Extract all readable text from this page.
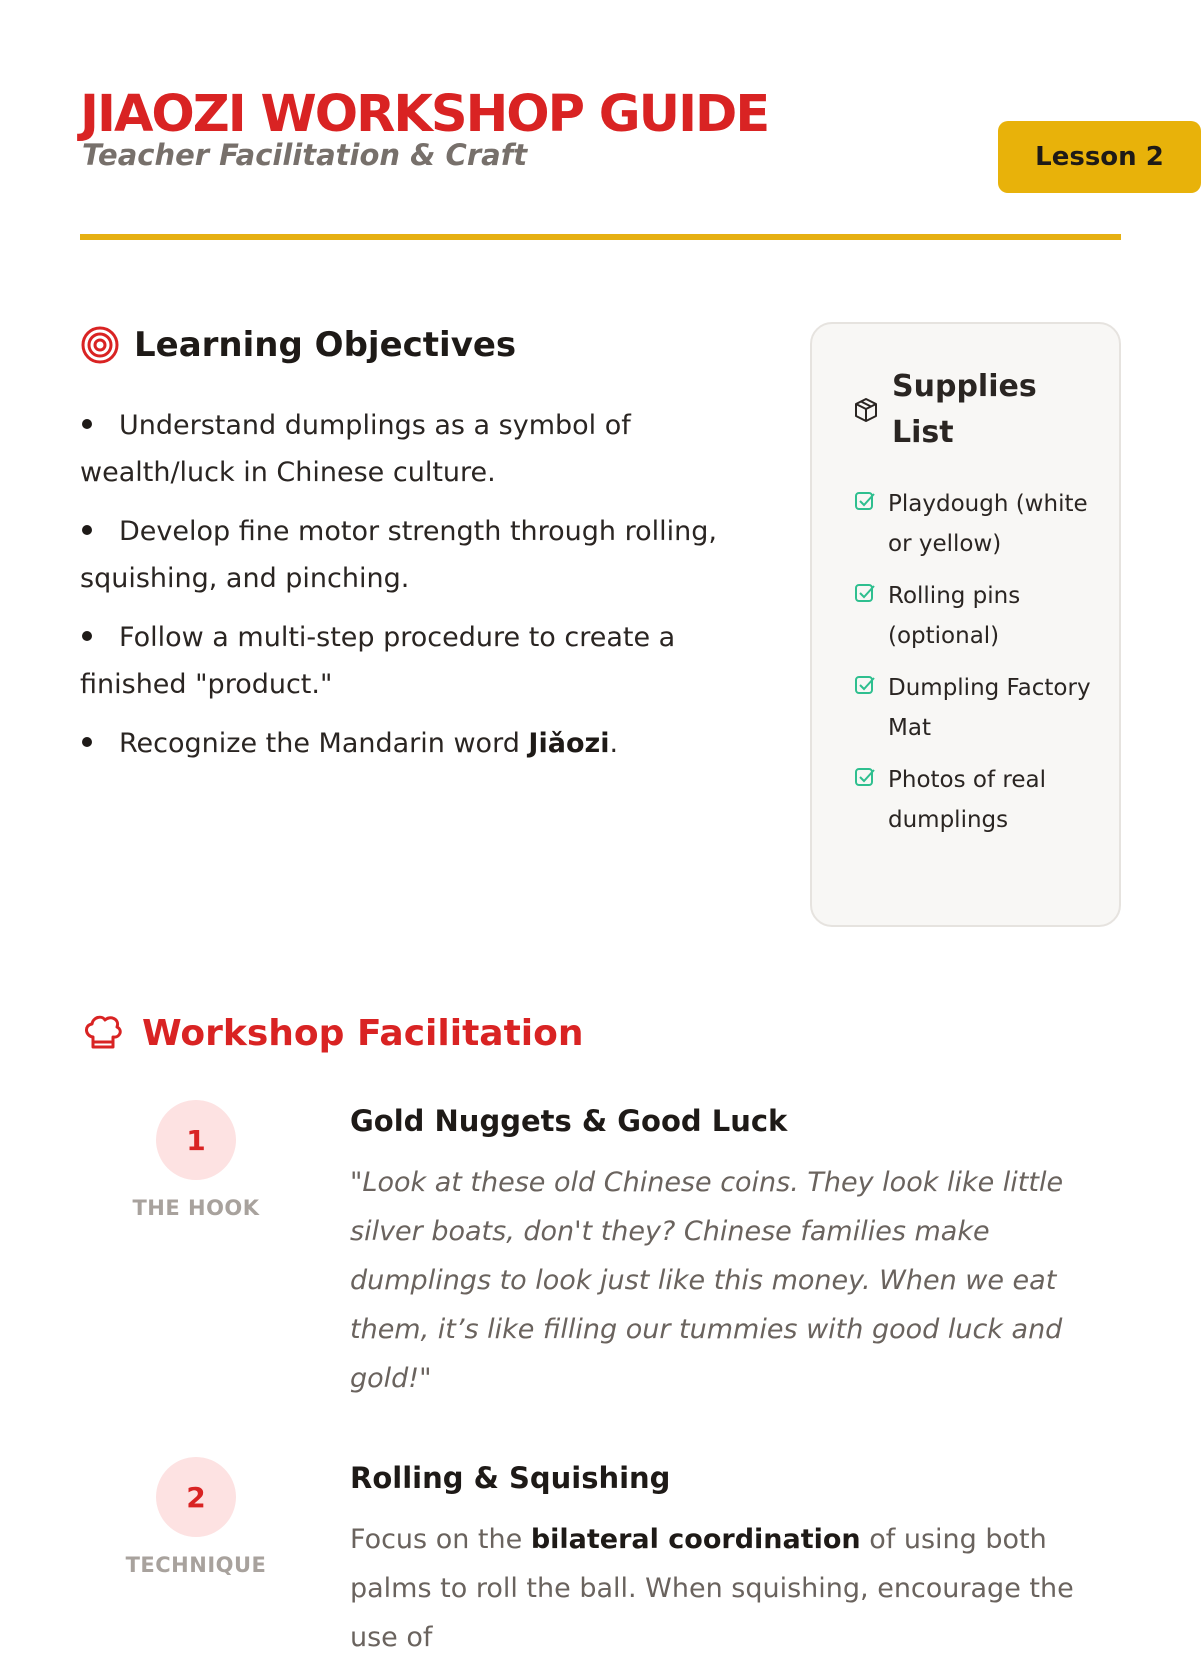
JIAOZI WORKSHOP GUIDE
Teacher Facilitation & Craft	Lesson 2
Learning Objectives
Understand dumplings as a symbol of wealth/luck in Chinese culture.
Develop fine motor strength through rolling, squishing, and pinching.
Follow a multi-step procedure to create a finished "product."
Recognize the Mandarin word Jiǎozi.
Supplies List
Playdough (white or yellow)
Rolling pins (optional)
Dumpling Factory Mat
Photos of real dumplings
Workshop Facilitation
1
THE HOOK
Gold Nuggets & Good Luck
"Look at these old Chinese coins. They look like little silver boats, don't they? Chinese families make dumplings to look just like this money. When we eat them, it’s like filling our tummies with good luck and gold!"
2
TECHNIQUE
Rolling & Squishing
Focus on the bilateral coordination of using both palms to roll the ball. When squishing, encourage the use of
